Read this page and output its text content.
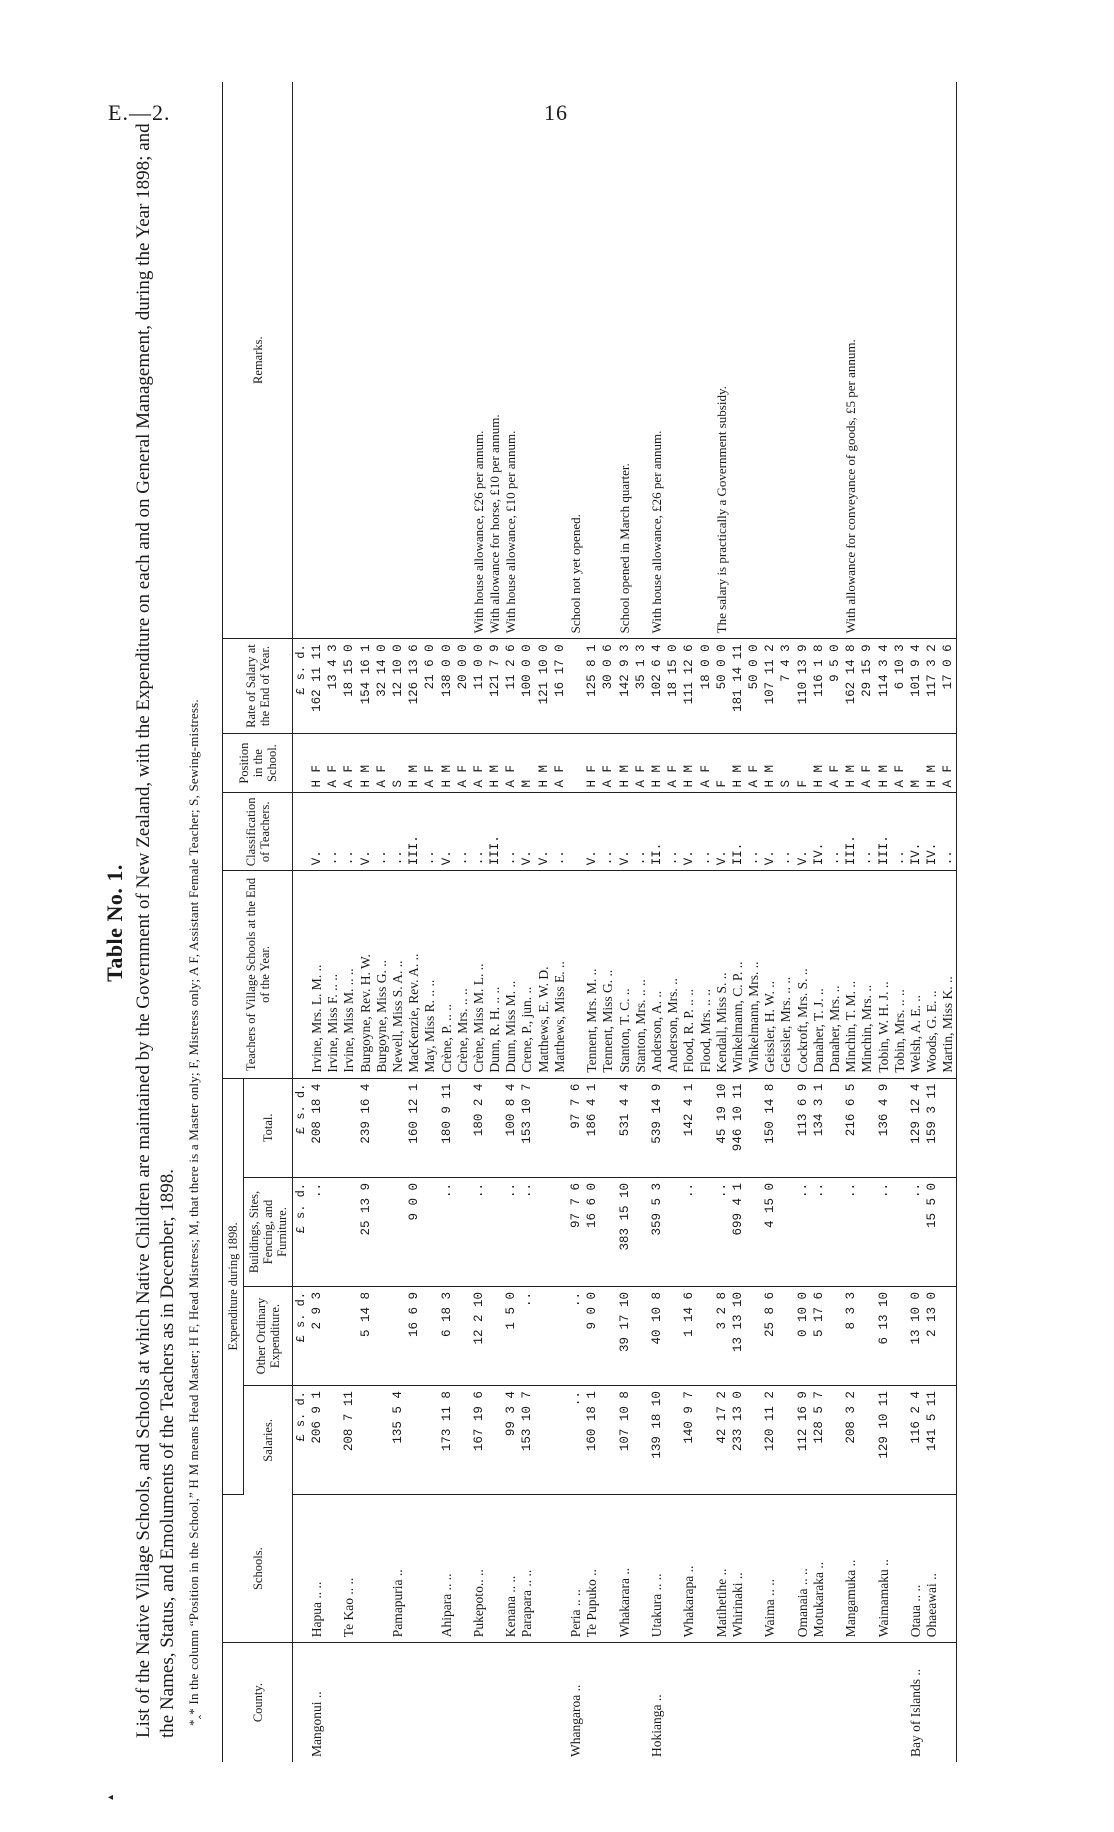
E.—2.	16
◂
Table No. 1. List of the Native Village Schools, and Schools at which Native Children are maintained by the Government of New Zealand, with the Expenditure on each and on General Management, during the Year 1898; and the Names, Status, and Emoluments of the Teachers as in December, 1898. *‸* In the column “Position in the School,” H M means Head Master; H F, Head Mistress; M, that there is a Master only; F, Mistress only; A F, Assistant Female Teacher; S, Sewing-mistress.	County.	Schools.	Expenditure during 1898.				Teachers of Village Schools at the End of the Year.	Classification of Teachers.	Position in the School.	Rate of Salary at the End of Year.	Remarks.
		Salaries.	Other Ordinary Expenditure.	Buildings, Sites, Fencing, and Furniture.	Total.					
		£ s. d.	£ s. d.	£ s. d.	£ s. d.				£ s. d.	
Mangonui ..	Hapua .. ..	206 9 1	2 9 3	..	208 18 4	Irvine, Mrs. L. M. ..	V.	H F	162 11 11	
						Irvine, Miss F. .. ..	..	A F	13 4 3	
	Te Kao .. ..	208 7 11				Irvine, Miss M. .. ..	..	A F	18 15 0	
			5 14 8	25 13 9	239 16 4	Burgoyne, Rev. H. W.	V.	H M	154 16 1	
						Burgoyne, Miss G. ..	..	A F	32 14 0	
	Pamapuria ..	135 5 4				Newell, Miss S. A. ..	..	S	12 10 0	
			16 6 9	9 0 0	160 12 1	MacKenzie, Rev. A. ..	III.	H M	126 13 6	
						May, Miss R. .. ..	..	A F	21 6 0	
	Ahipara .. ..	173 11 8	6 18 3	..	180 9 11	Crène, P. .. ..	V.	H M	138 0 0	
						Crène, Mrs. .. ..	..	A F	20 0 0	
	Pukepoto.. ..	167 19 6	12 2 10	..	180 2 4	Crène, Miss M. L. ..	..	A F	11 0 0	With house allowance, £26 per annum.
						Dunn, R. H. .. ..	III.	H M	121 7 9	With allowance for horse, £10 per annum.
	Kenana .. ..	99 3 4	1 5 0	..	100 8 4	Dunn, Miss M. ..	..	A F	11 2 6	With house allowance, £10 per annum.
	Parapara .. ..	153 10 7	..	..	153 10 7	Crene, P., jun. ..	V.	M	100 0 0	
						Matthews, E. W. D.	V.	H M	121 10 0	
						Matthews, Miss E. ..	..	A F	16 17 0	
Whangaroa ..	Peria .. ..	..	..	97 7 6	97 7 6					School not yet opened.
	Te Pupuko ..	160 18 1	9 0 0	16 6 0	186 4 1	Tennent, Mrs. M. ..	V.	H F	125 8 1	
						Tennent, Miss G. ..	..	A F	30 0 6	
	Whakarara ..	107 10 8	39 17 10	383 15 10	531 4 4	Stanton, T. C. ..	V.	H M	142 9 3	School opened in March quarter.
						Stanton, Mrs. .. ..	..	A F	35 1 3	
Hokianga ..	Utakura .. ..	139 18 10	40 10 8	359 5 3	539 14 9	Anderson, A. ..	II.	H M	102 6 4	With house allowance, £26 per annum.
						Anderson, Mrs. ..	..	A F	18 15 0	
	Whakarapa ..	140 9 7	1 14 6	..	142 4 1	Flood, R. P. .. ..	V.	H M	111 12 6	
						Flood, Mrs. .. ..	..	A F	18 0 0	
	Matihetihe ..	42 17 2	3 2 8	..	45 19 10	Kendall, Miss S. ..	V.	F	50 0 0	The salary is practically a Government subsidy.
	Whirinaki ..	233 13 0	13 13 10	699 4 1	946 10 11	Winkelmann, C. P. ..	II.	H M	181 14 11	
						Winkelmann, Mrs. ..	..	A F	50 0 0	
	Waima .. ..	120 11 2	25 8 6	4 15 0	150 14 8	Geissler, H. W. ..	V.	H M	107 11 2	
						Geissler, Mrs. .. ..	..	S	7 4 3	
	Omanaia .. ..	112 16 9	0 10 0	..	113 6 9	Cockroft, Mrs. S. ..	V.	F	110 13 9	
	Motukaraka ..	128 5 7	5 17 6	..	134 3 1	Danaher, T. J. ..	IV.	H M	116 1 8	
						Danaher, Mrs. ..	..	A F	9 5 0	
	Mangamuka ..	208 3 2	8 3 3	..	216 6 5	Minchin, T. M. ..	III.	H M	162 14 8	With allowance for conveyance of goods, £5 per annum.
						Minchin, Mrs. ..	..	A F	29 15 9	
	Waimamaku ..	129 10 11	6 13 10	..	136 4 9	Tobin, W. H. J. ..	III.	H M	114 3 4	
						Tobin, Mrs. .. ..	..	A F	6 10 3	
Bay of Islands ..	Otaua .. ..	116 2 4	13 10 0	..	129 12 4	Welsh, A. E. ..	IV.	M	101 9 4	
	Ohaeawai ..	141 5 11	2 13 0	15 5 0	159 3 11	Woods, G. E. ..	IV.	H M	117 3 2	
						Martin, Miss K. ..	..	A F	17 0 6	
